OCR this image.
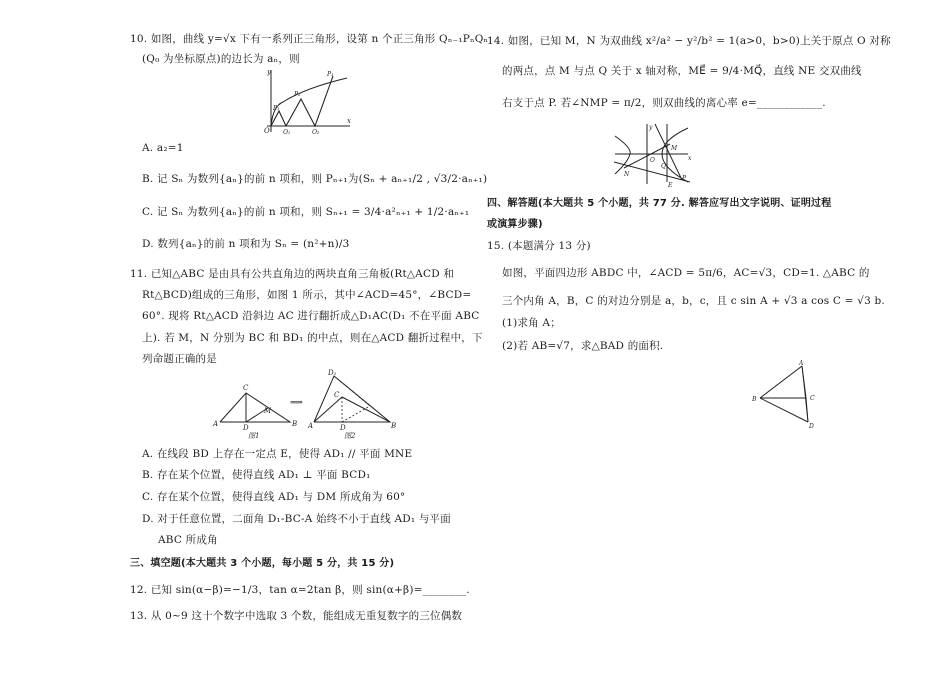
10. 如图，曲线 y=√x 下有一系列正三角形，设第 n 个正三角形 Qₙ₋₁PₙQₙ
(Q₀ 为坐标原点)的边长为 aₙ，则
y
x
O
P₁
P₂
P₃
Q₁	Q₂
A. a₂=1
B. 记 Sₙ 为数列{aₙ}的前 n 项和，则 Pₙ₊₁为(Sₙ + aₙ₊₁/2 , √3/2·aₙ₊₁)
C. 记 Sₙ 为数列{aₙ}的前 n 项和，则 Sₙ₊₁ = 3/4·a²ₙ₊₁ + 1/2·aₙ₊₁
D. 数列{aₙ}的前 n 项和为 Sₙ = (n²+n)/3
11. 已知△ABC 是由具有公共直角边的两块直角三角板(Rt△ACD 和
Rt△BCD)组成的三角形，如图 1 所示，其中∠ACD=45°，∠BCD=
60°. 现将 Rt△ACD 沿斜边 AC 进行翻折成△D₁AC(D₁ 不在平面 ABC
上). 若 M，N 分别为 BC 和 BD₁ 的中点，则在△ACD 翻折过程中，下
列命题正确的是
A
C
D	B
M
图1
⟹
D₁
C
A	D	B
图2
A. 在线段 BD 上存在一定点 E，使得 AD₁ // 平面 MNE
B. 存在某个位置，使得直线 AD₁ ⊥ 平面 BCD₁
C. 存在某个位置，使得直线 AD₁ 与 DM 所成角为 60°
D. 对于任意位置，二面角 D₁-BC-A 始终不小于直线 AD₁ 与平面
ABC 所成角
三、填空题(本大题共 3 个小题，每小题 5 分，共 15 分)
12. 已知 sin(α−β)=−1/3，tan α=2tan β，则 sin(α+β)=________.
13. 从 0~9 这十个数字中选取 3 个数，能组成无重复数字的三位偶数
14. 如图，已知 M，N 为双曲线 x²/a² − y²/b² = 1(a>0，b>0)上关于原点 O 对称
的两点，点 M 与点 Q 关于 x 轴对称，ME⃗ = 9/4·MQ⃗，直线 NE 交双曲线
右支于点 P. 若∠NMP = π/2，则双曲线的离心率 e=____________.
y
x
O
M
N
Q
E
P
四、解答题(本大题共 5 个小题，共 77 分. 解答应写出文字说明、证明过程
或演算步骤)
15. (本题满分 13 分)
如图，平面四边形 ABDC 中，∠ACD = 5π/6，AC=√3，CD=1. △ABC 的
三个内角 A，B，C 的对边分别是 a，b，c，且 c sin A + √3 a cos C = √3 b.
(1)求角 A；
(2)若 AB=√7，求△BAD 的面积.
A
B	C
D
